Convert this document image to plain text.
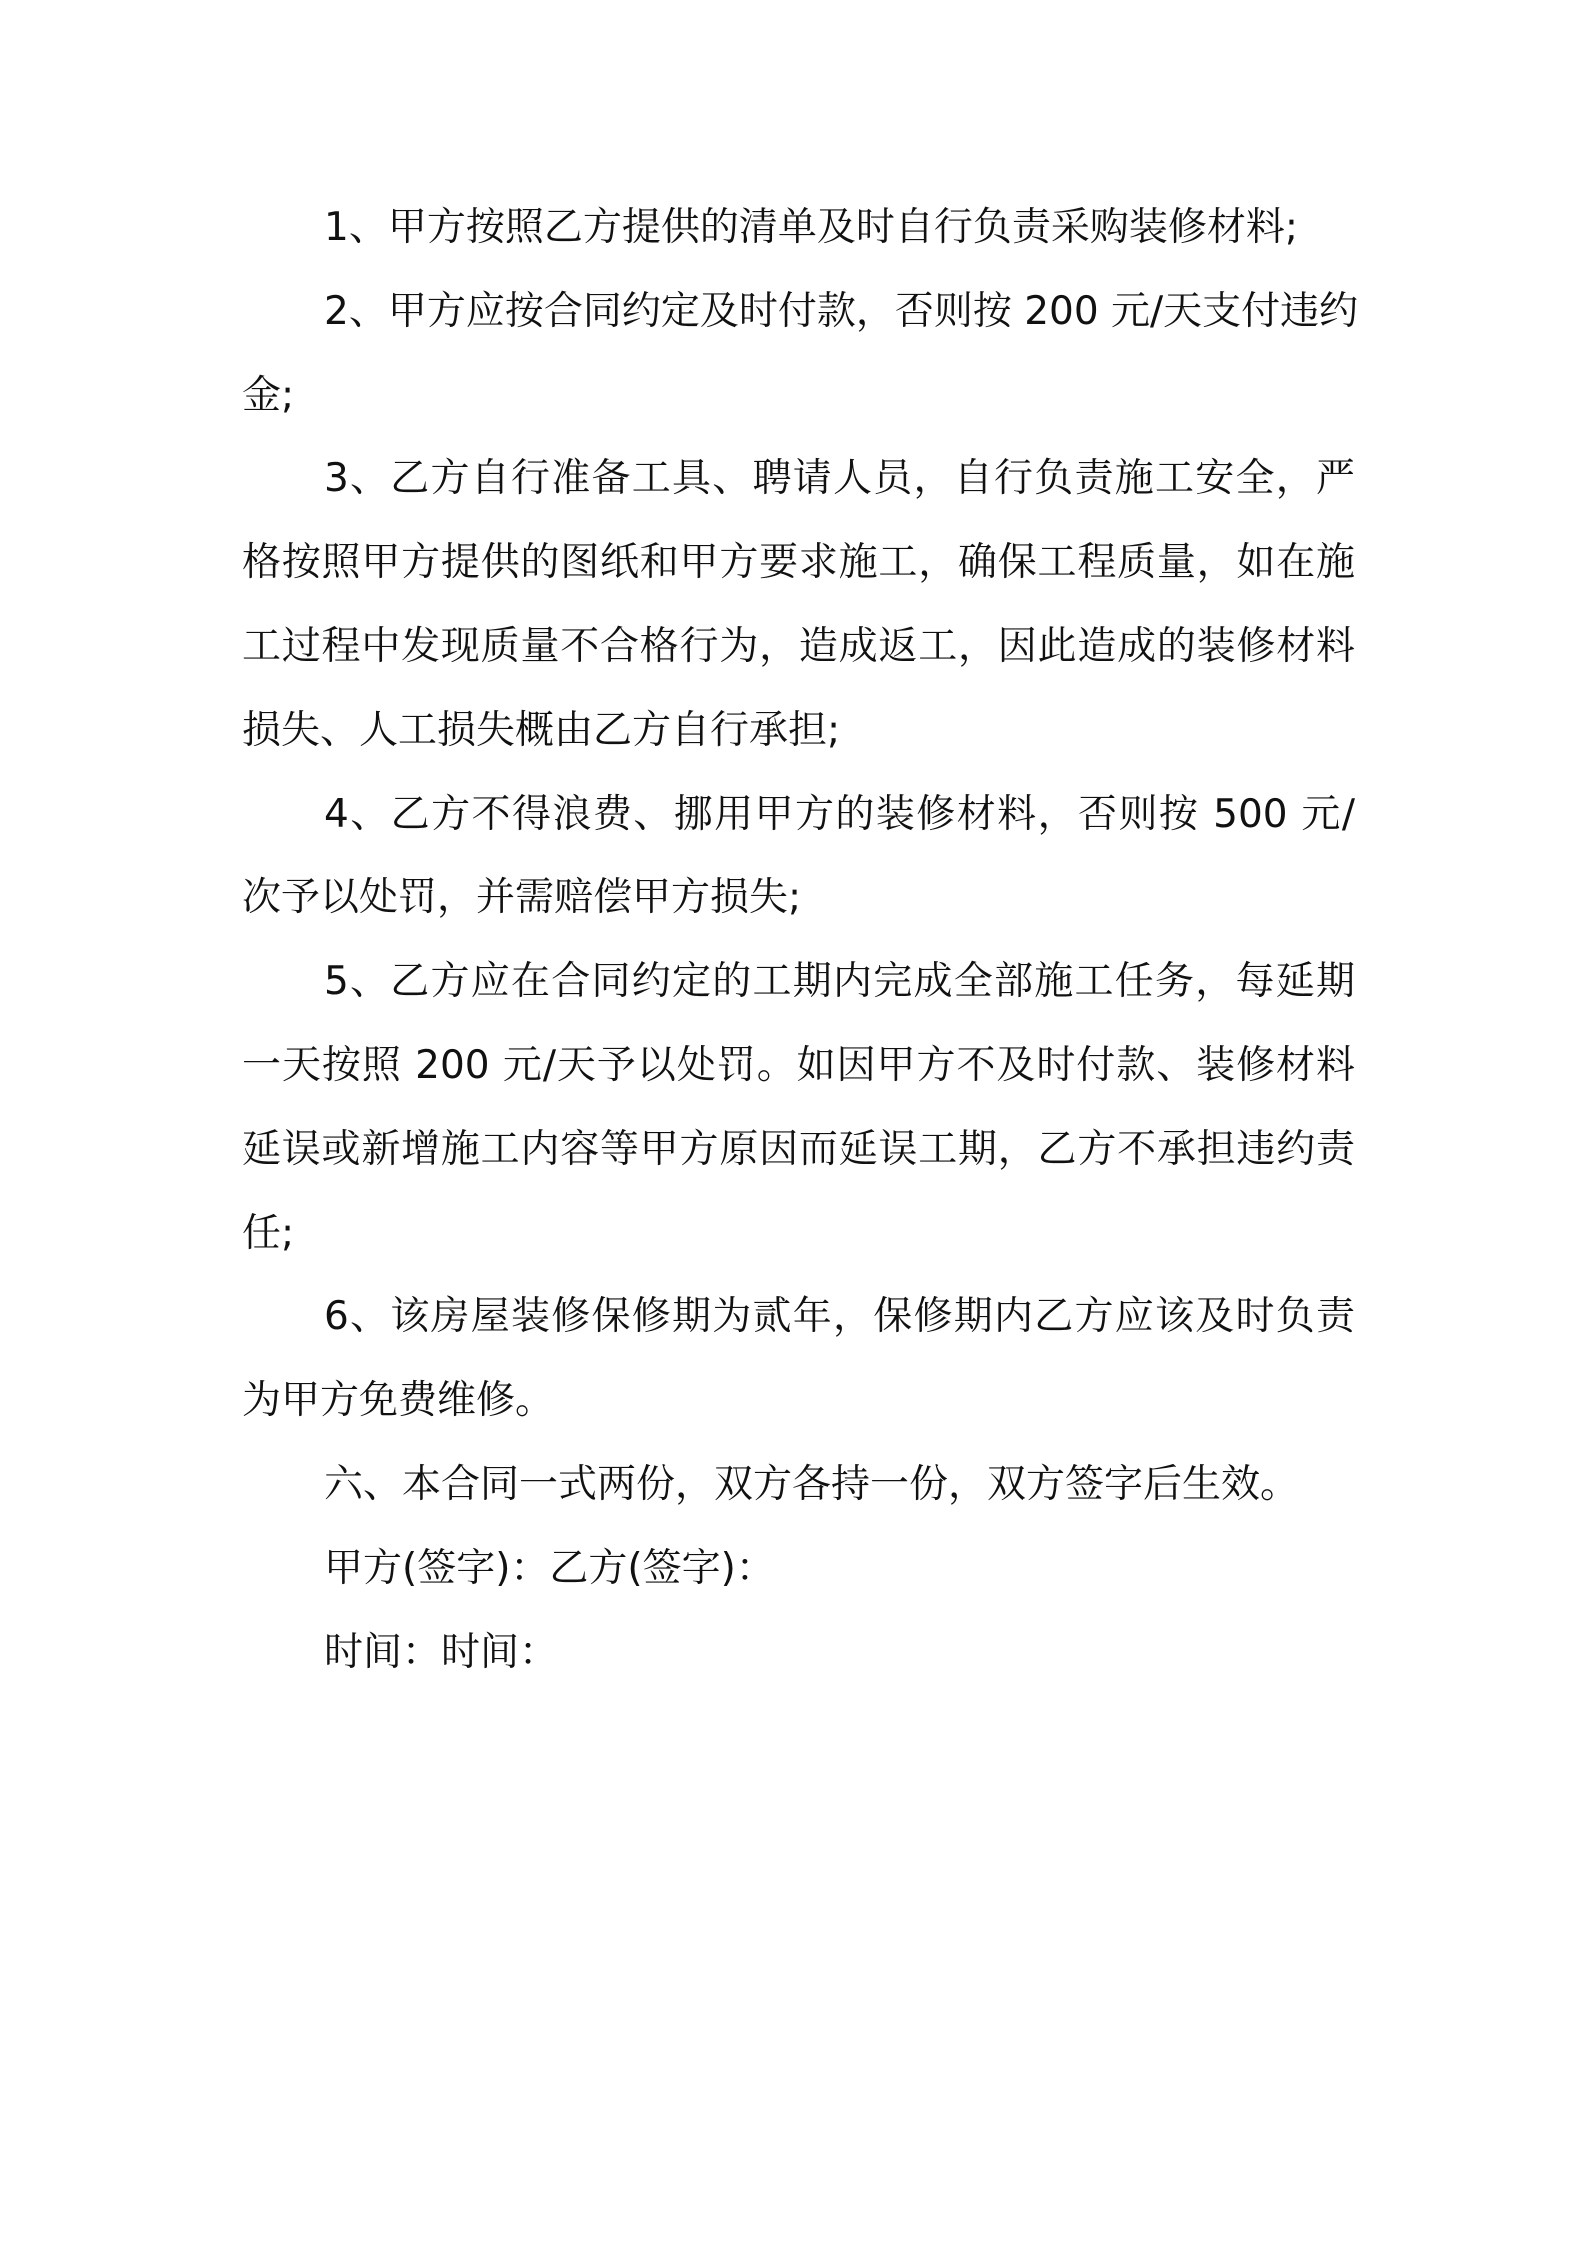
1、甲方按照乙方提供的清单及时自行负责采购装修材料;
2、甲方应按合同约定及时付款，否则按 200 元/天支付违约
金;
3、乙方自行准备工具、聘请人员，自行负责施工安全，严
格按照甲方提供的图纸和甲方要求施工，确保工程质量，如在施
工过程中发现质量不合格行为，造成返工，因此造成的装修材料
损失、人工损失概由乙方自行承担;
4、乙方不得浪费、挪用甲方的装修材料，否则按 500 元/
次予以处罚，并需赔偿甲方损失;
5、乙方应在合同约定的工期内完成全部施工任务，每延期
一天按照 200 元/天予以处罚。如因甲方不及时付款、装修材料
延误或新增施工内容等甲方原因而延误工期，乙方不承担违约责
任;
6、该房屋装修保修期为贰年，保修期内乙方应该及时负责
为甲方免费维修。
六、本合同一式两份，双方各持一份，双方签字后生效。
甲方(签字)：乙方(签字)：
时间：时间：
